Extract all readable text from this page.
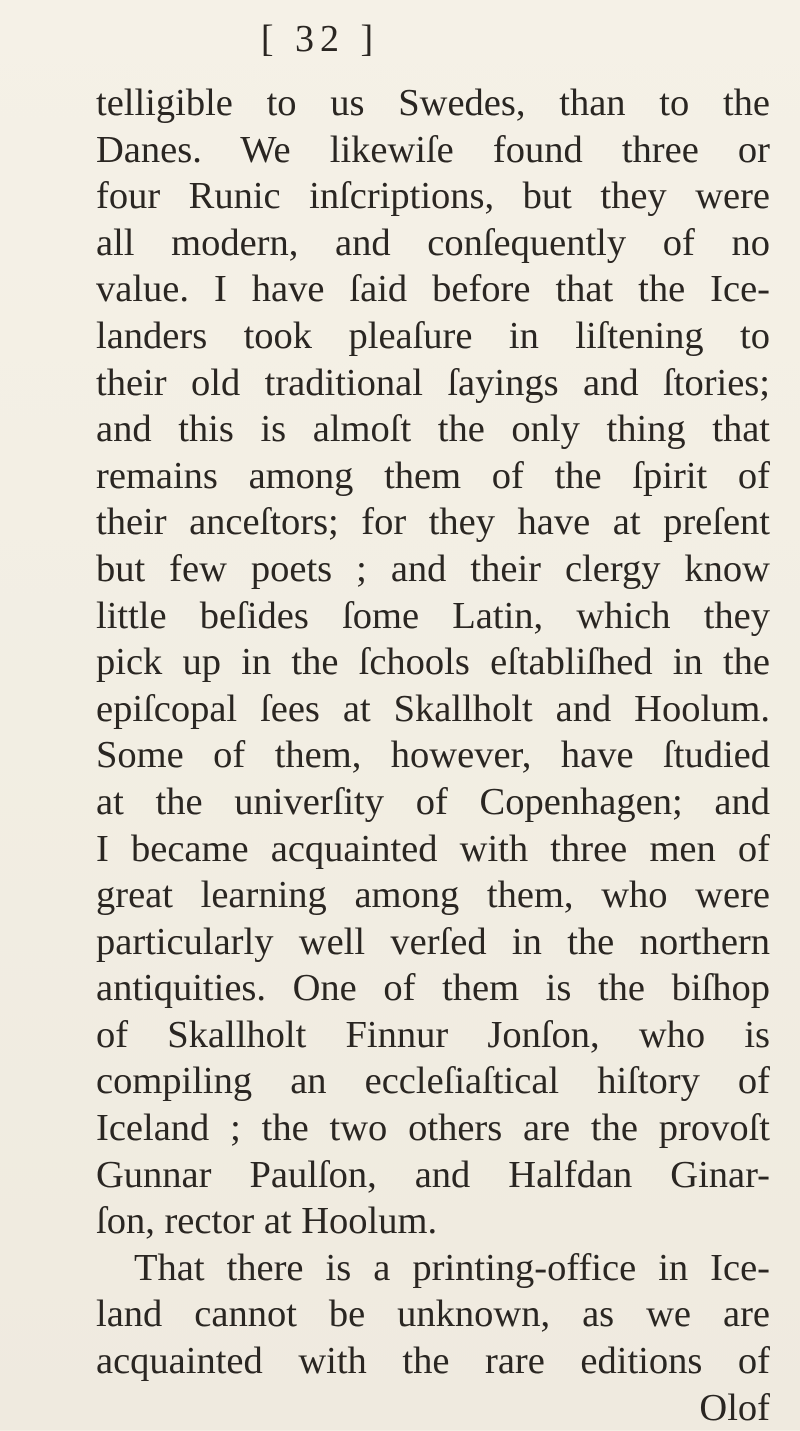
[ 32 ]
telligible to us Swedes, than to the
Danes. We likewiſe found three or
four Runic inſcriptions, but they were
all modern, and conſequently of no
value. I have ſaid before that the Ice-
landers took pleaſure in liſtening to
their old traditional ſayings and ſtories;
and this is almoſt the only thing that
remains among them of the ſpirit of
their anceſtors; for they have at preſent
but few poets ; and their clergy know
little beſides ſome Latin, which they
pick up in the ſchools eſtabliſhed in the
epiſcopal ſees at Skallholt and Hoolum.
Some of them, however, have ſtudied
at the univerſity of Copenhagen; and
I became acquainted with three men of
great learning among them, who were
particularly well verſed in the northern
antiquities. One of them is the biſhop
of Skallholt Finnur Jonſon, who is
compiling an eccleſiaſtical hiſtory of
Iceland ; the two others are the provoſt
Gunnar Paulſon, and Halfdan Ginar-
ſon, rector at Hoolum.
That there is a printing-office in Ice-
land cannot be unknown, as we are
acquainted with the rare editions of
Olof
